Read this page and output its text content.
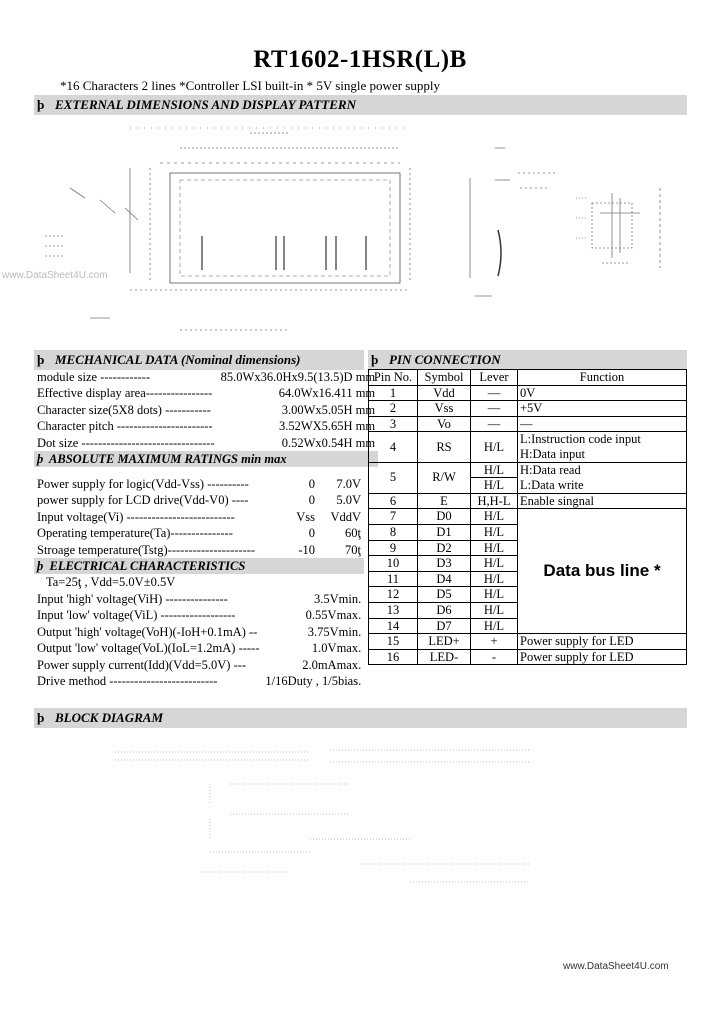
RT1602-1HSR(L)B
*16 Characters 2 lines *Controller LSI built-in * 5V single power supply
þ EXTERNAL DIMENSIONS AND DISPLAY PATTERN
www.DataSheet4U.com
þ MECHANICAL DATA (Nominal dimensions)
module size ------------	85.0Wx36.0Hx9.5(13.5)D mm
Effective display area----------------	64.0Wx16.411 mm
Character size(5X8 dots) -----------	3.00Wx5.05H mm
Character pitch -----------------------	3.52WX5.65H mm
Dot size --------------------------------	0.52Wx0.54H mm
þ ABSOLUTE MAXIMUM RATINGS min max	
Power supply for logic(Vdd-Vss) ----------	0	7.0V
power supply for LCD drive(Vdd-V0) ----	0	5.0V
Input voltage(Vi) --------------------------	Vss	VddV
Operating temperature(Ta)---------------	0	60ţ
Stroage temperature(Tstg)---------------------	-10	70ţ
þ ELECTRICAL CHARACTERISTICS		
Ta=25ţ , Vdd=5.0V±0.5V		
Input 'high' voltage(ViH) ---------------	3.5Vmin.
Input 'low' voltage(ViL) ------------------	0.55Vmax.
Output 'high' voltage(VoH)(-IoH+0.1mA) --	3.75Vmin.
Output 'low' voltage(VoL)(IoL=1.2mA) -----	1.0Vmax.
Power supply current(Idd)(Vdd=5.0V) ---	2.0mAmax.
Drive method --------------------------	1/16Duty , 1/5bias.
þ PIN CONNECTION
Pin No.	Symbol	Lever	Function
1	Vdd	—	0V
2	Vss	—	+5V
3	Vo	—	—
4	RS	H/L	L:Instruction code input
			H:Data input
5	R/W	H/L	H:Data read
		H/L	L:Data write
6	E	H,H-L	Enable singnal
7	D0	H/L	Data bus line *
8	D1	H/L	
9	D2	H/L	
10	D3	H/L	
11	D4	H/L	
12	D5	H/L	
13	D6	H/L	
14	D7	H/L	
15	LED+	+	Power supply for LED
16	LED-	-	Power supply for LED
þ BLOCK DIAGRAM
www.DataSheet4U.com
